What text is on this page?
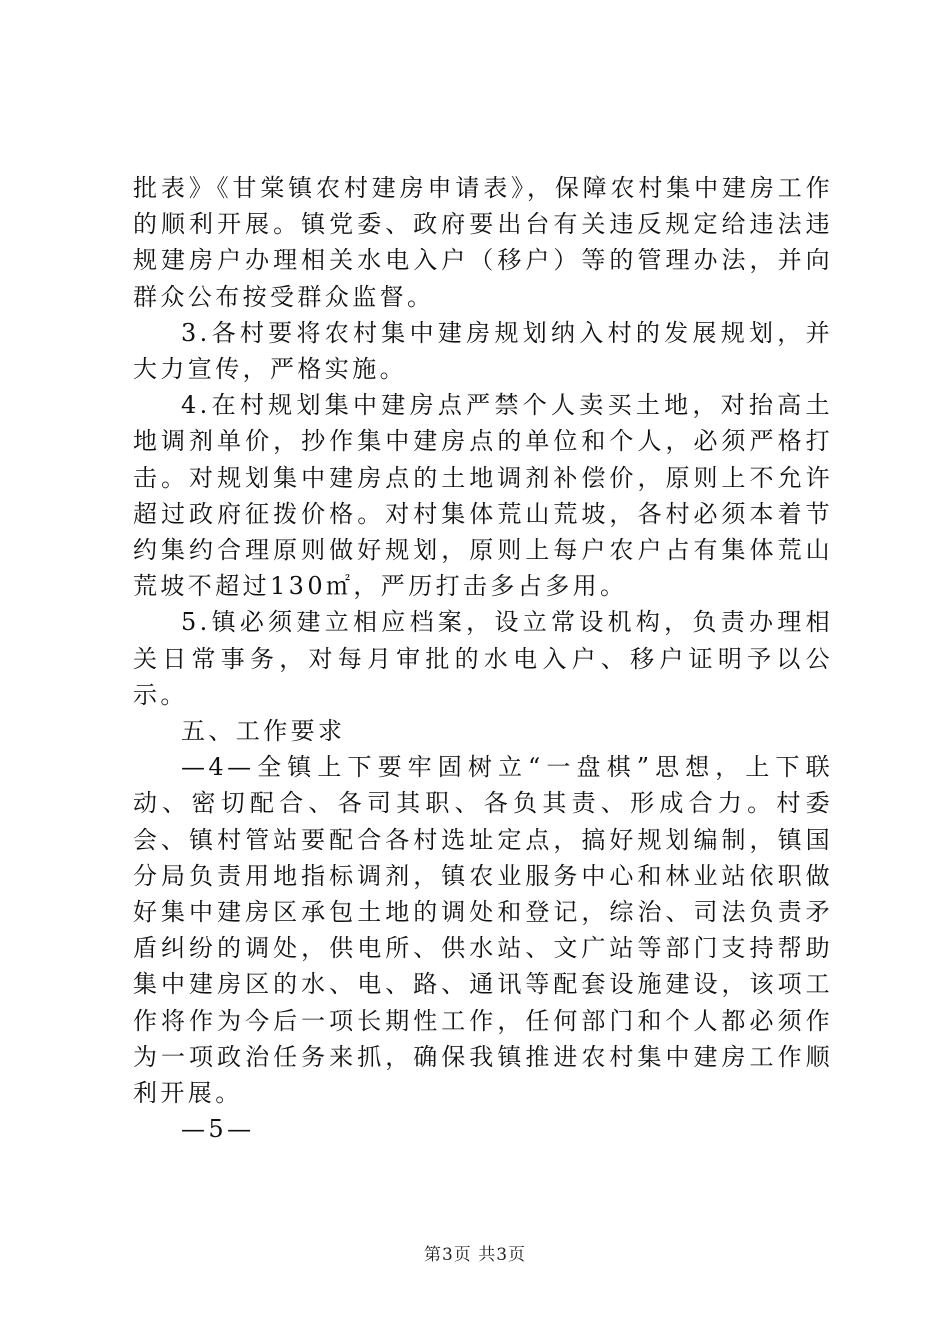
批表》《甘棠镇农村建房申请表》，保障农村集中建房工作的顺利开展。镇党委、政府要出台有关违反规定给违法违规建房户办理相关水电入户（移户）等的管理办法，并向群众公布按受群众监督。

3.各村要将农村集中建房规划纳入村的发展规划，并大力宣传，严格实施。

4.在村规划集中建房点严禁个人卖买土地，对抬高土地调剂单价，抄作集中建房点的单位和个人，必须严格打击。对规划集中建房点的土地调剂补偿价，原则上不允许超过政府征拨价格。对村集体荒山荒坡，各村必须本着节约集约合理原则做好规划，原则上每户农户占有集体荒山荒坡不超过130㎡，严历打击多占多用。

5.镇必须建立相应档案，设立常设机构，负责办理相关日常事务，对每月审批的水电入户、移户证明予以公示。

五、工作要求

—4—全镇上下要牢固树立“一盘棋”思想，上下联动、密切配合、各司其职、各负其责、形成合力。村委会、镇村管站要配合各村选址定点，搞好规划编制，镇国分局负责用地指标调剂，镇农业服务中心和林业站依职做好集中建房区承包土地的调处和登记，综治、司法负责矛盾纠纷的调处，供电所、供水站、文广站等部门支持帮助集中建房区的水、电、路、通讯等配套设施建设，该项工作将作为今后一项长期性工作，任何部门和个人都必须作为一项政治任务来抓，确保我镇推进农村集中建房工作顺利开展。

—5—

第3页 共3页
